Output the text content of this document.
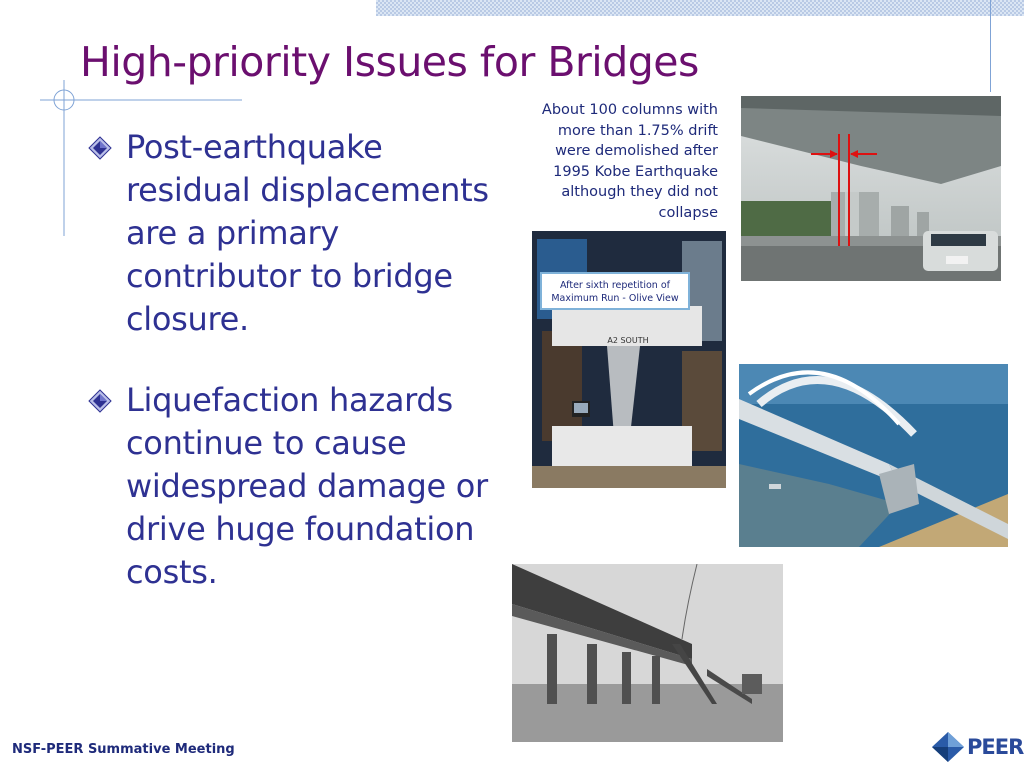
High-priority Issues for Bridges
Post-earthquake residual displacements are a primary contributor to bridge closure.
Liquefaction hazards continue to cause widespread damage or drive huge foundation costs.
About 100 columns with more than 1.75% drift were demolished after 1995 Kobe Earthquake although they did not collapse
A2 SOUTH
After sixth repetition of Maximum Run - Olive View
NSF-PEER Summative Meeting	PEER
